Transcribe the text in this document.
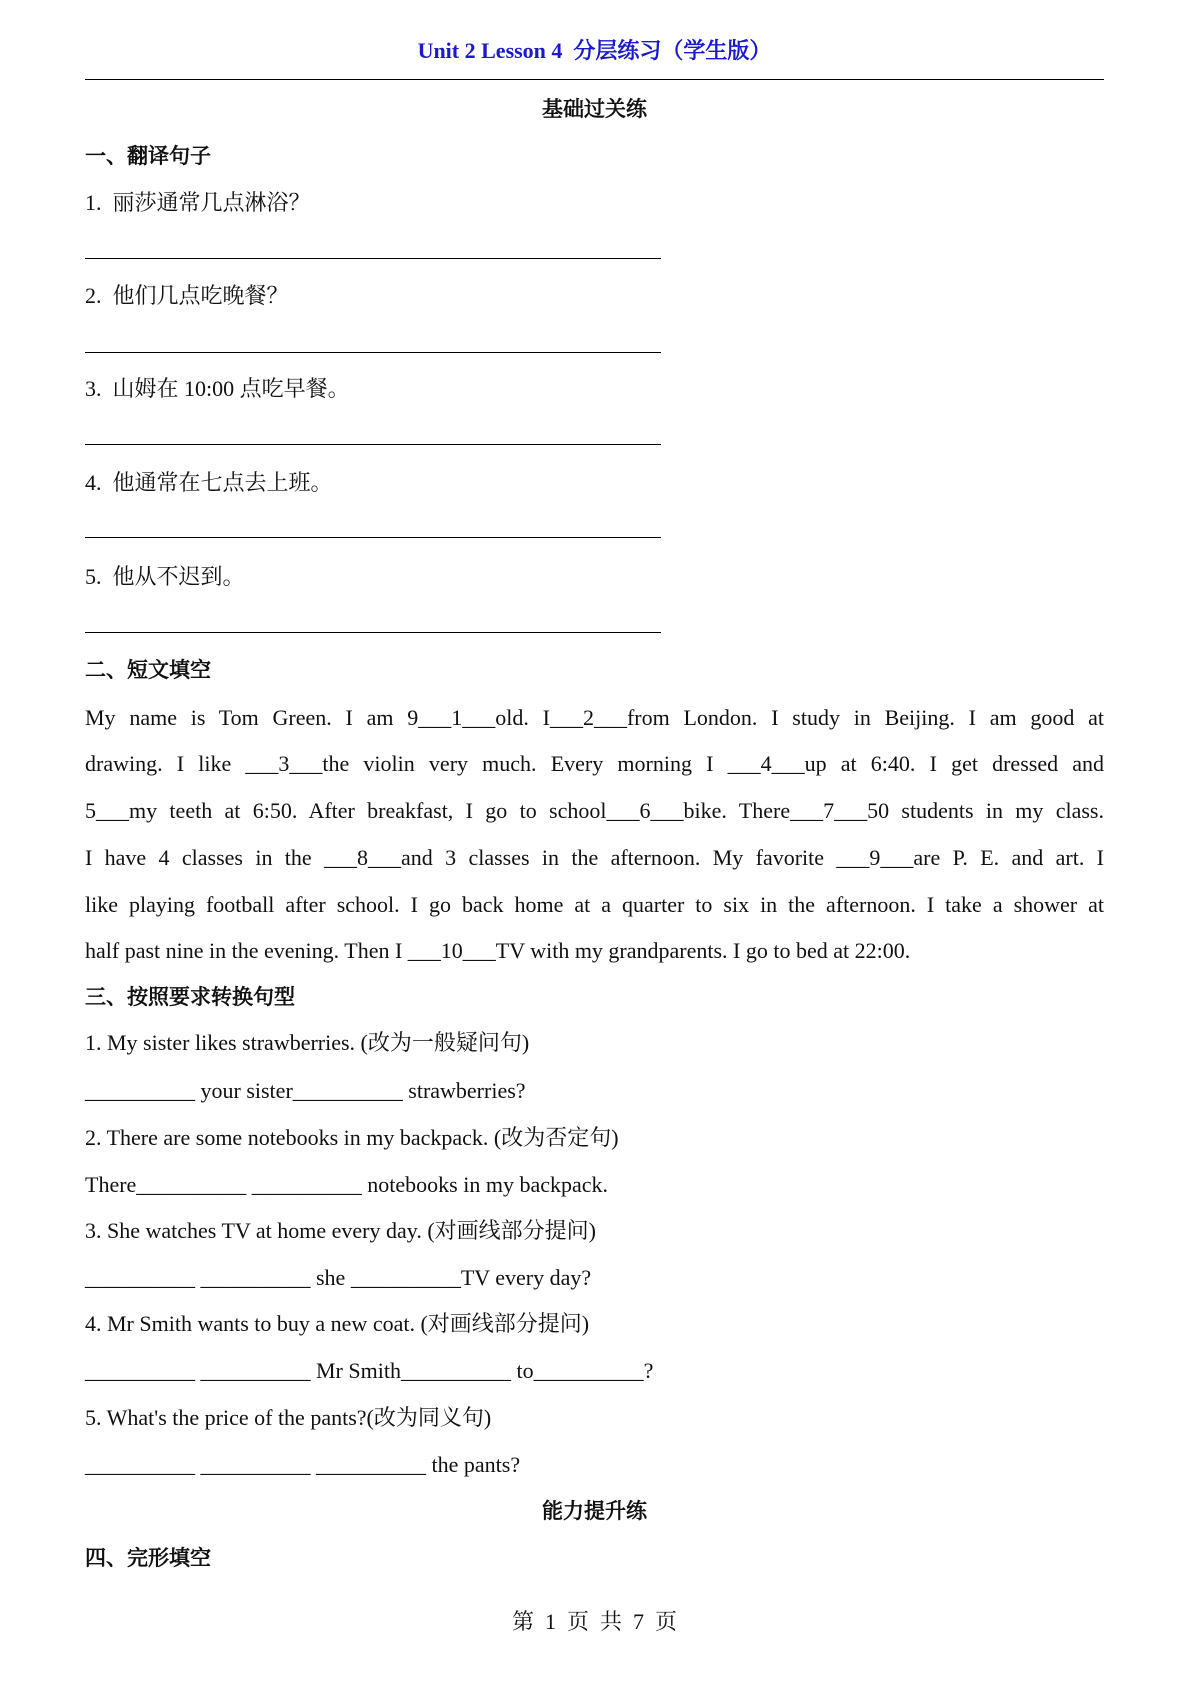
Unit 2 Lesson 4  分层练习（学生版）
基础过关练
一、翻译句子
1.  丽莎通常几点淋浴？
2.  他们几点吃晚餐？
3.  山姆在 10:00 点吃早餐。
4.  他通常在七点去上班。
5.  他从不迟到。
二、短文填空
My name is Tom Green. I am 9___1___old. I___2___from London. I study in Beijing. I am good at
drawing. I like ___3___the violin very much. Every morning I ___4___up at 6:40. I get dressed and
5___my teeth at 6:50. After breakfast, I go to school___6___bike. There___7___50 students in my class.
I have 4 classes in the ___8___and 3 classes in the afternoon. My favorite ___9___are P. E. and art. I
like playing football after school. I go back home at a quarter to six in the afternoon. I take a shower at
half past nine in the evening. Then I ___10___TV with my grandparents. I go to bed at 22:00.
三、按照要求转换句型
1. My sister likes strawberries. (改为一般疑问句)
__________ your sister__________ strawberries?
2. There are some notebooks in my backpack. (改为否定句)
There__________ __________ notebooks in my backpack.
3. She watches TV at home every day. (对画线部分提问)
__________ __________ she __________TV every day?
4. Mr Smith wants to buy a new coat. (对画线部分提问)
__________ __________ Mr Smith__________ to__________?
5. What's the price of the pants?(改为同义句)
__________ __________ __________ the pants?
能力提升练
四、完形填空
第  1  页  共  7  页
